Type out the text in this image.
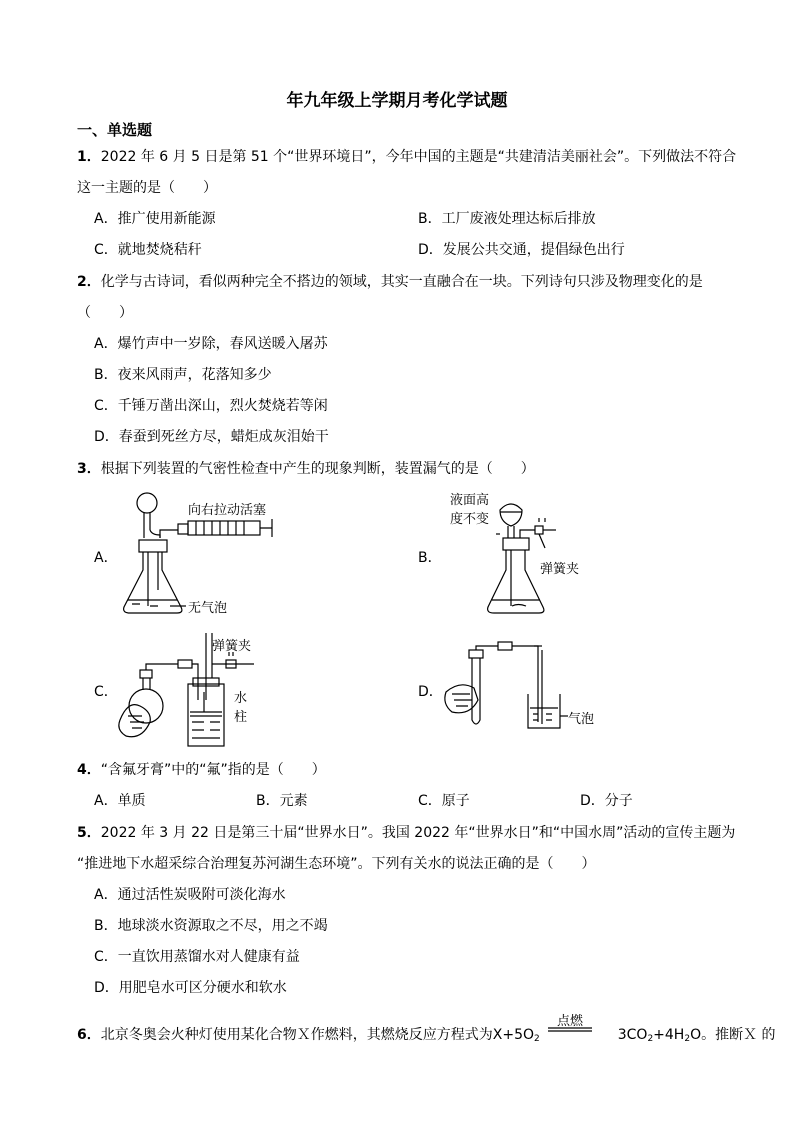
年九年级上学期月考化学试题
一、单选题
1．2022 年 6 月 5 日是第 51 个“世界环境日”，今年中国的主题是“共建清洁美丽社会”。下列做法不符合
这一主题的是（　　）
A．推广使用新能源	B．工厂废液处理达标后排放
C．就地焚烧秸秆	D．发展公共交通，提倡绿色出行
2．化学与古诗词，看似两种完全不搭边的领域，其实一直融合在一块。下列诗句只涉及物理变化的是
（　　）
A．爆竹声中一岁除，春风送暖入屠苏
B．夜来风雨声，花落知多少
C．千锤万凿出深山，烈火焚烧若等闲
D．春蚕到死丝方尽，蜡炬成灰泪始干
3．根据下列装置的气密性检查中产生的现象判断，装置漏气的是（　　）
A．	B．
C．	D．
向右拉动活塞
无气泡
液面高
度不变
弹簧夹
弹簧夹
水
柱	气泡
4．“含氟牙膏”中的“氟”指的是（　　）
A．单质	B．元素	C．原子	D．分子
5．2022 年 3 月 22 日是第三十届“世界水日”。我国 2022 年“世界水日”和“中国水周”活动的宣传主题为
“推进地下水超采综合治理复苏河湖生态环境”。下列有关水的说法正确的是（　　）
A．通过活性炭吸附可淡化海水
B．地球淡水资源取之不尽，用之不竭
C．一直饮用蒸馏水对人健康有益
D．用肥皂水可区分硬水和软水
6．北京冬奥会火种灯使用某化合物Ｘ作燃料，其燃烧反应方程式为$X+5O_2$	$3CO_2+4H_2O$。推断Ｘ 的
点燃
